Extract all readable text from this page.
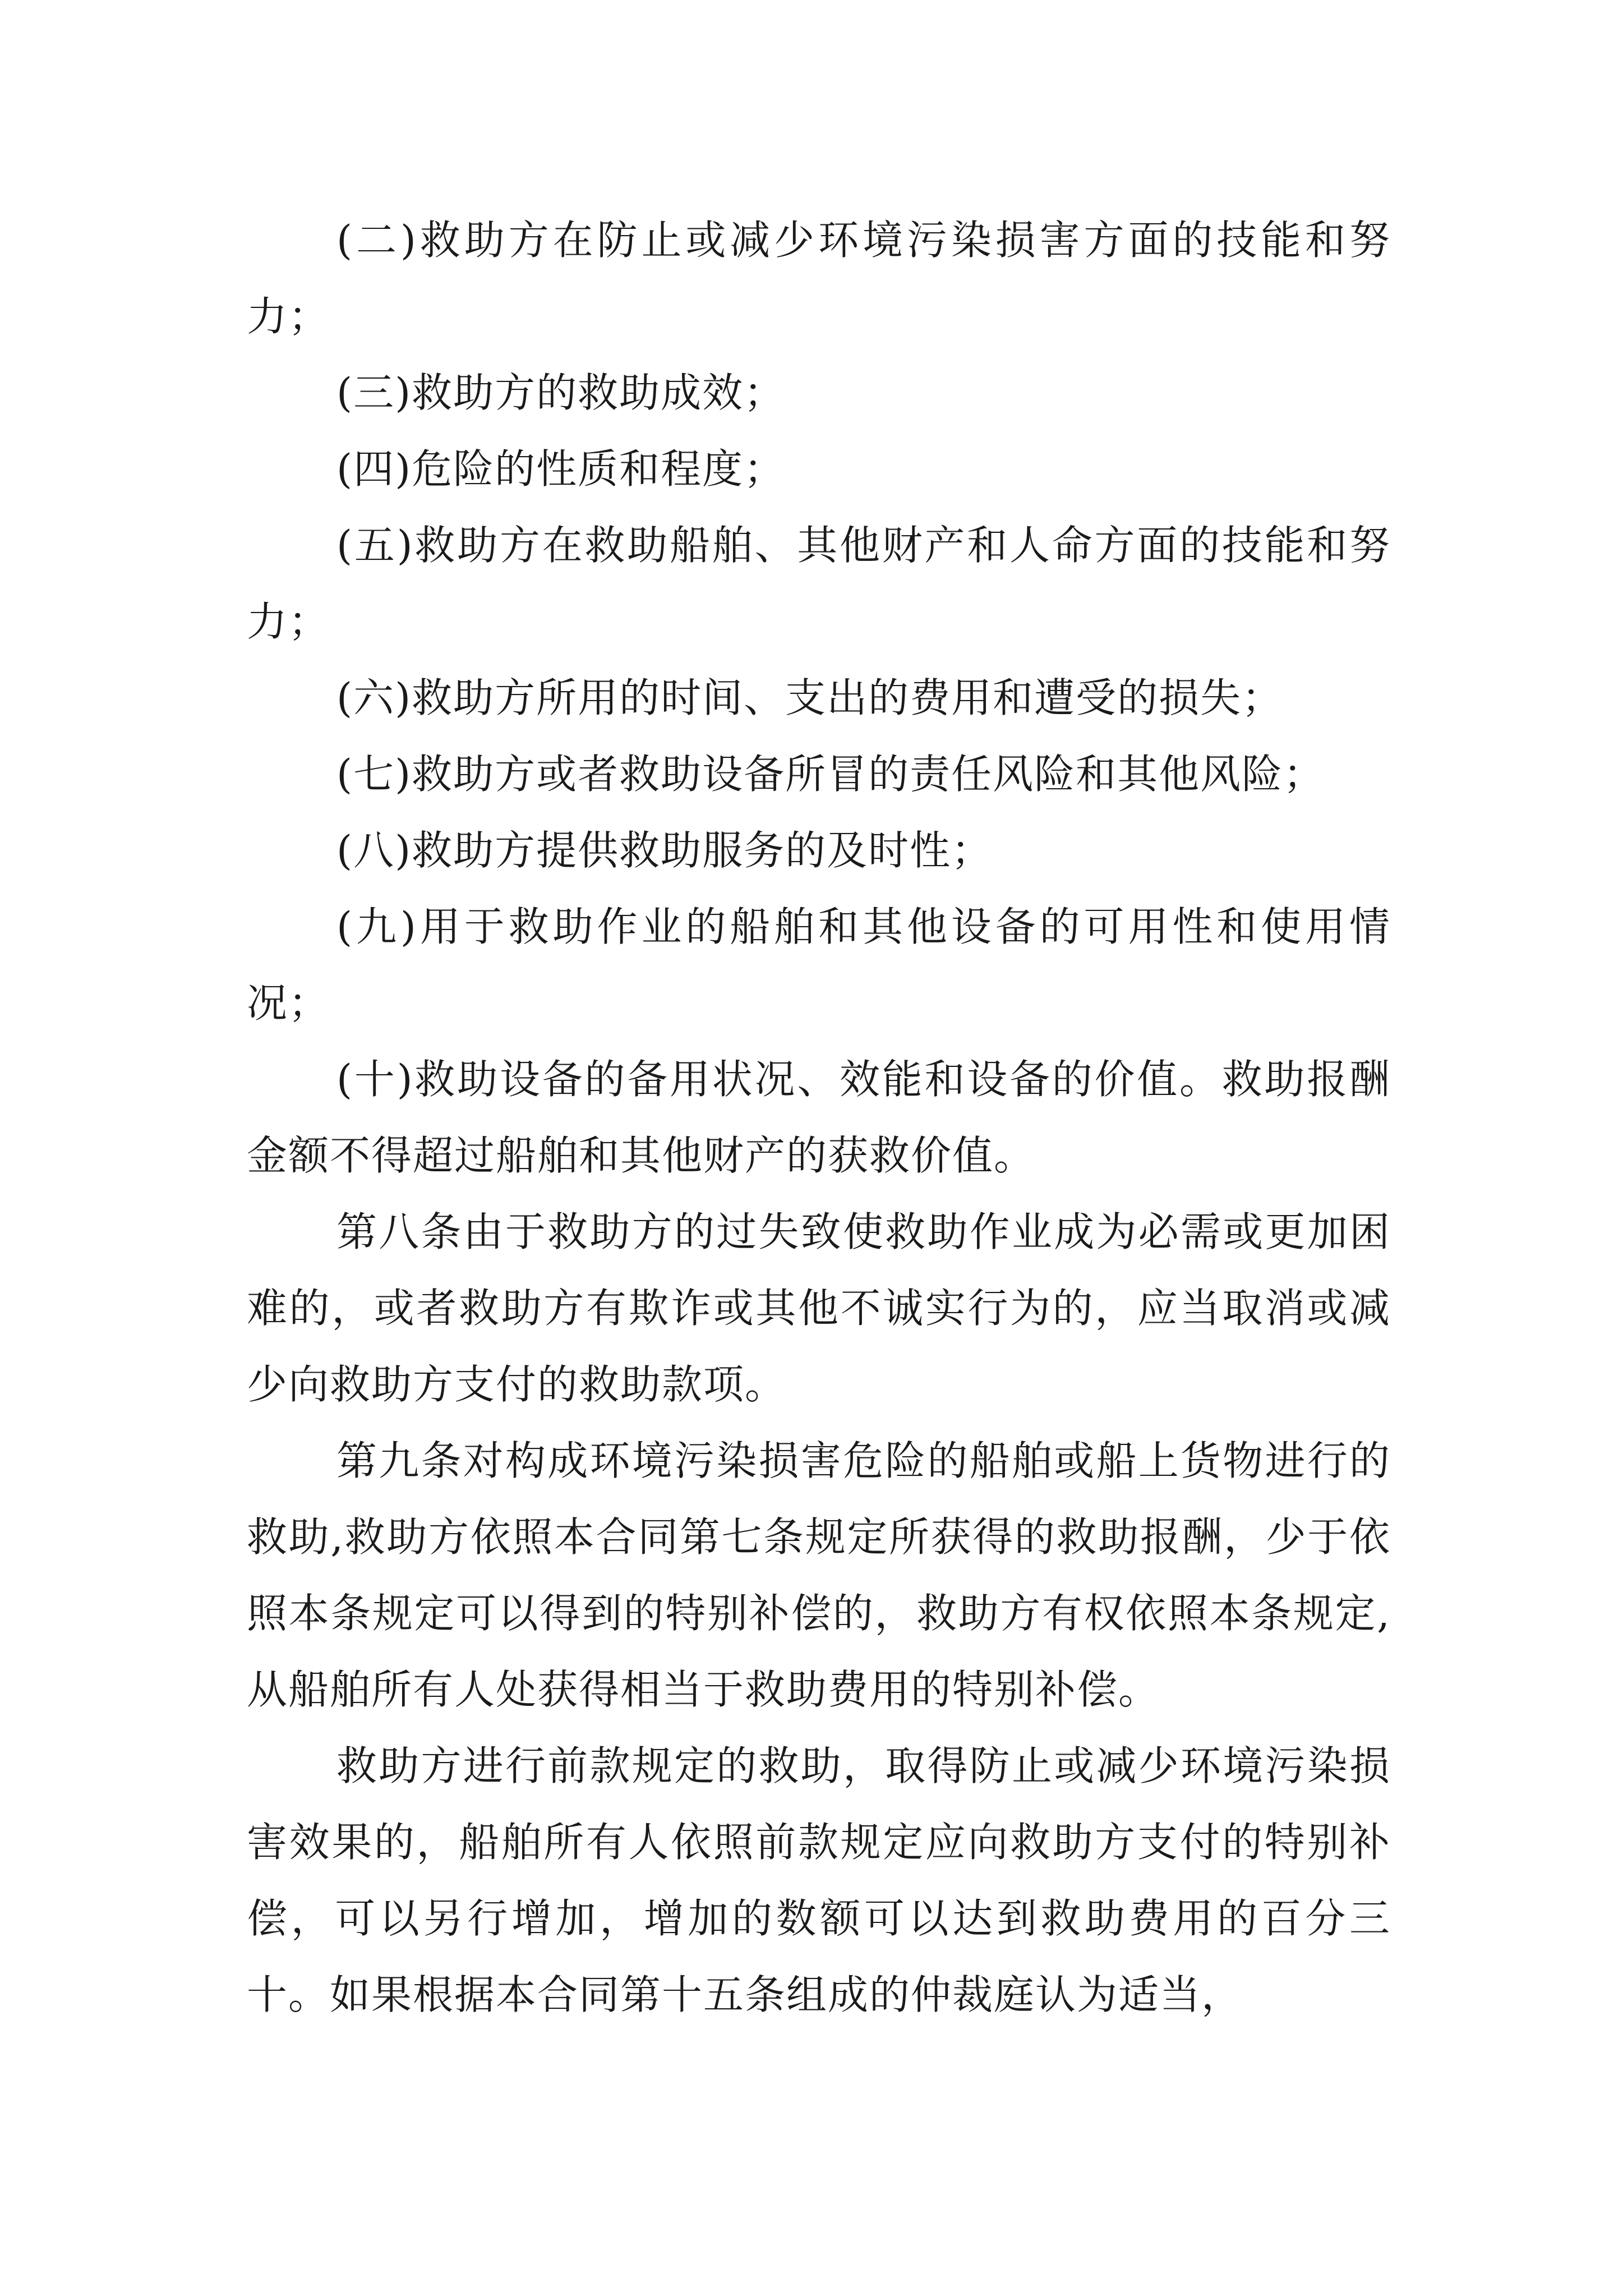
(二)救助方在防止或减少环境污染损害方面的技能和努力；

(三)救助方的救助成效；

(四)危险的性质和程度；

(五)救助方在救助船舶、其他财产和人命方面的技能和努力；

(六)救助方所用的时间、支出的费用和遭受的损失；

(七)救助方或者救助设备所冒的责任风险和其他风险；

(八)救助方提供救助服务的及时性；

(九)用于救助作业的船舶和其他设备的可用性和使用情况；

(十)救助设备的备用状况、效能和设备的价值。救助报酬金额不得超过船舶和其他财产的获救价值。

第八条由于救助方的过失致使救助作业成为必需或更加困难的，或者救助方有欺诈或其他不诚实行为的，应当取消或减少向救助方支付的救助款项。

第九条对构成环境污染损害危险的船舶或船上货物进行的救助,救助方依照本合同第七条规定所获得的救助报酬，少于依照本条规定可以得到的特别补偿的，救助方有权依照本条规定,从船舶所有人处获得相当于救助费用的特别补偿。

救助方进行前款规定的救助，取得防止或减少环境污染损害效果的，船舶所有人依照前款规定应向救助方支付的特别补偿，可以另行增加，增加的数额可以达到救助费用的百分三十。如果根据本合同第十五条组成的仲裁庭认为适当，
